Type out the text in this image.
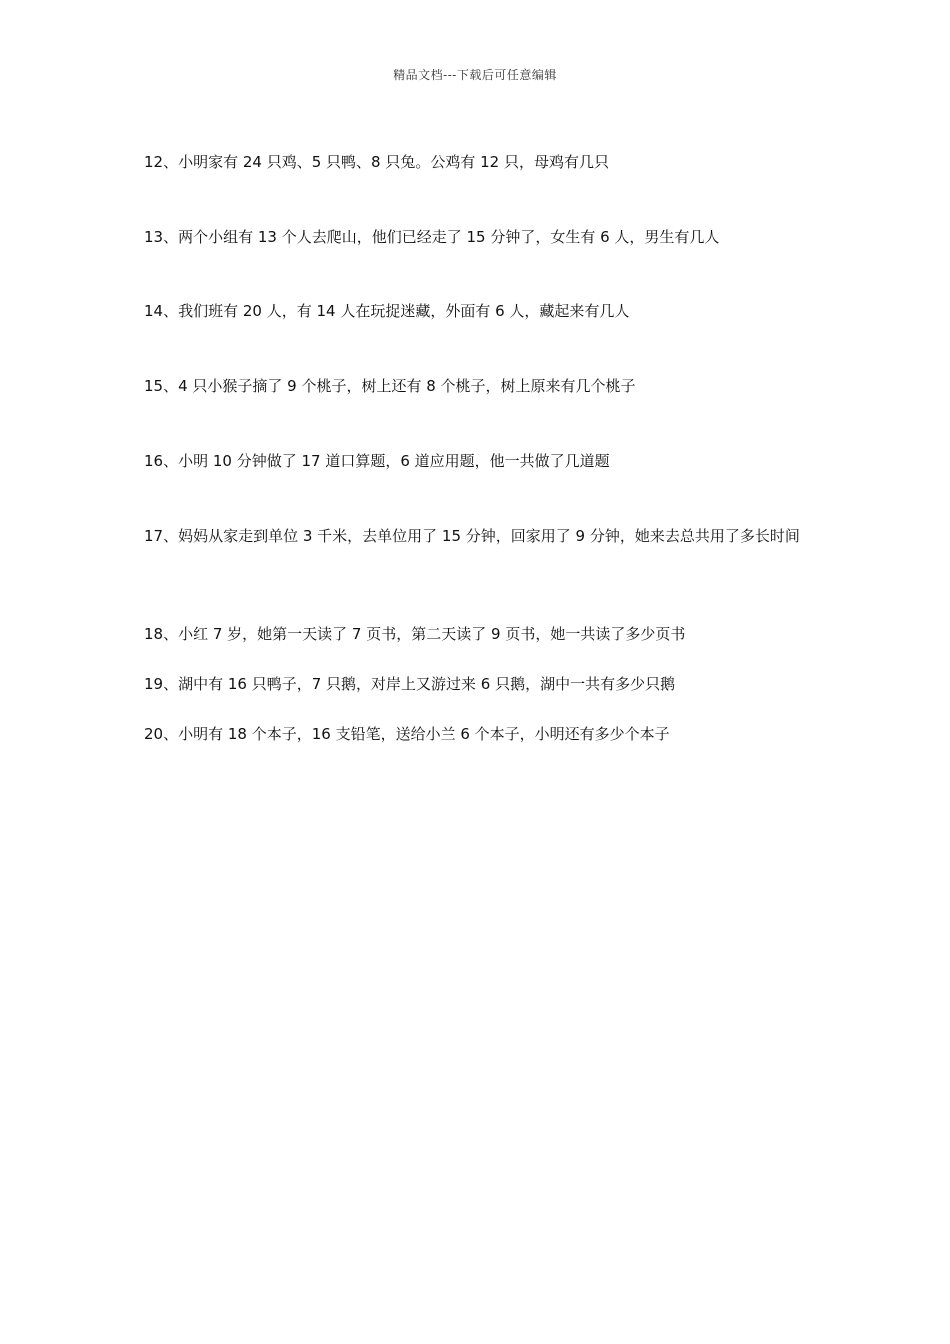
精品文档---下载后可任意编辑

12、小明家有 24 只鸡、5 只鸭、8 只兔。公鸡有 12 只，母鸡有几只

13、两个小组有 13 个人去爬山，他们已经走了 15 分钟了，女生有 6 人，男生有几人

14、我们班有 20 人，有 14 人在玩捉迷藏，外面有 6 人，藏起来有几人

15、4 只小猴子摘了 9 个桃子，树上还有 8 个桃子，树上原来有几个桃子

16、小明 10 分钟做了 17 道口算题，6 道应用题，他一共做了几道题

17、妈妈从家走到单位 3 千米，去单位用了 15 分钟，回家用了 9 分钟，她来去总共用了多长时间

18、小红 7 岁，她第一天读了 7 页书，第二天读了 9 页书，她一共读了多少页书

19、湖中有 16 只鸭子，7 只鹅，对岸上又游过来 6 只鹅，湖中一共有多少只鹅

20、小明有 18 个本子，16 支铅笔，送给小兰 6 个本子，小明还有多少个本子
